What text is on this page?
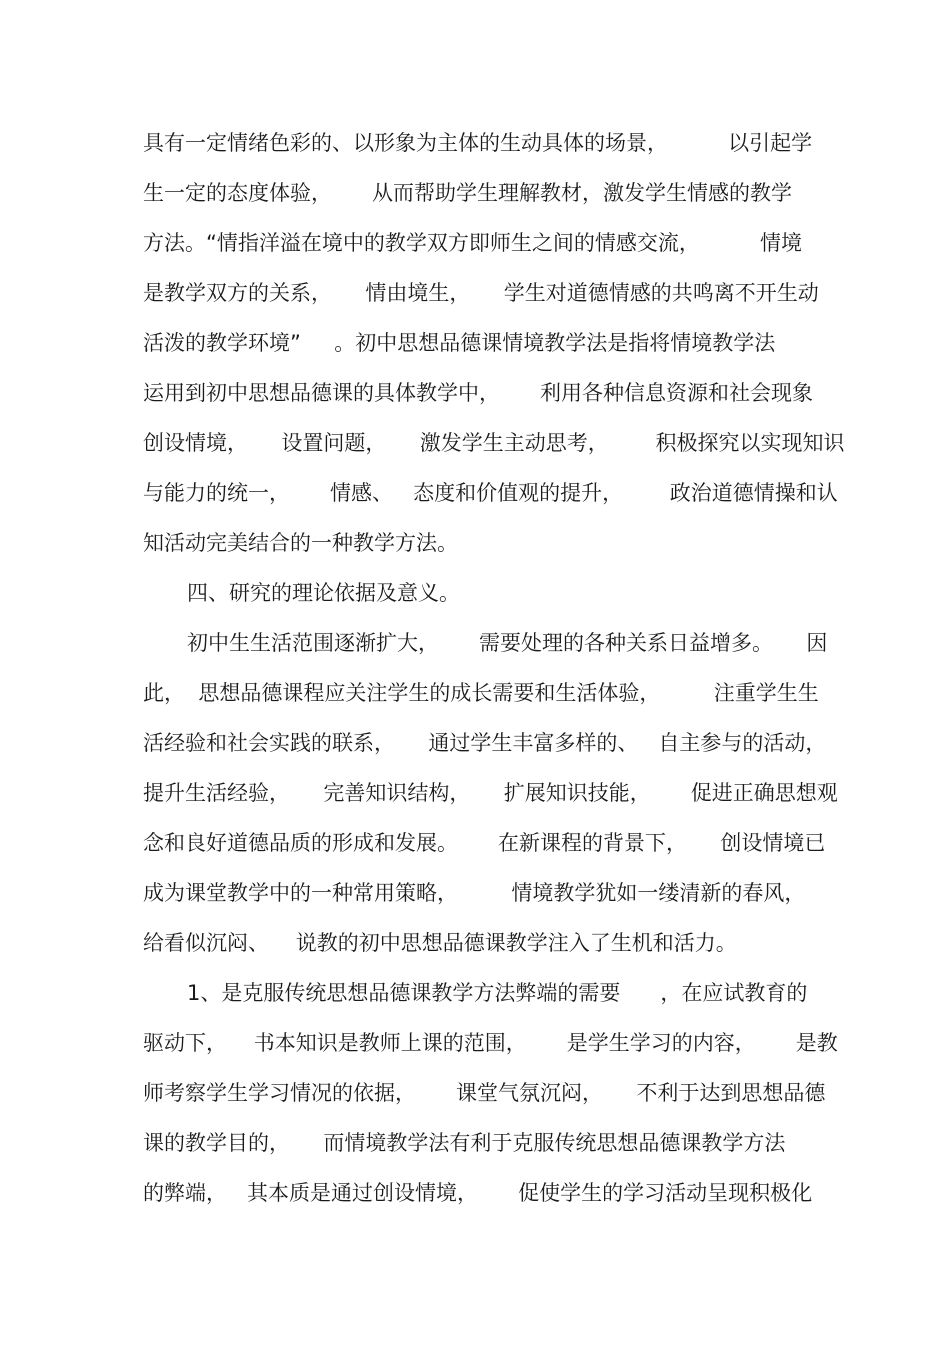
具有一定情绪色彩的、以形象为主体的生动具体的场景，         以引起学
生一定的态度体验，      从而帮助学生理解教材，激发学生情感的教学
方法。“情指洋溢在境中的教学双方即师生之间的情感交流，         情境
是教学双方的关系，     情由境生，     学生对道德情感的共鸣离不开生动
活泼的教学环境”     。初中思想品德课情境教学法是指将情境教学法
运用到初中思想品德课的具体教学中，      利用各种信息资源和社会现象
创设情境，     设置问题，     激发学生主动思考，       积极探究以实现知识
与能力的统一，      情感、   态度和价值观的提升，       政治道德情操和认
知活动完美结合的一种教学方法。
四、研究的理论依据及意义。
初中生生活范围逐渐扩大，      需要处理的各种关系日益增多。     因
此，  思想品德课程应关注学生的成长需要和生活体验，        注重学生生
活经验和社会实践的联系，     通过学生丰富多样的、   自主参与的活动，
提升生活经验，     完善知识结构，     扩展知识技能，      促进正确思想观
念和良好道德品质的形成和发展。      在新课程的背景下，     创设情境已
成为课堂教学中的一种常用策略，        情境教学犹如一缕清新的春风，
给看似沉闷、    说教的初中思想品德课教学注入了生机和活力。
1、是克服传统思想品德课教学方法弊端的需要      ，在应试教育的
驱动下，    书本知识是教师上课的范围，      是学生学习的内容，      是教
师考察学生学习情况的依据，      课堂气氛沉闷，     不利于达到思想品德
课的教学目的，     而情境教学法有利于克服传统思想品德课教学方法
的弊端，   其本质是通过创设情境，      促使学生的学习活动呈现积极化
